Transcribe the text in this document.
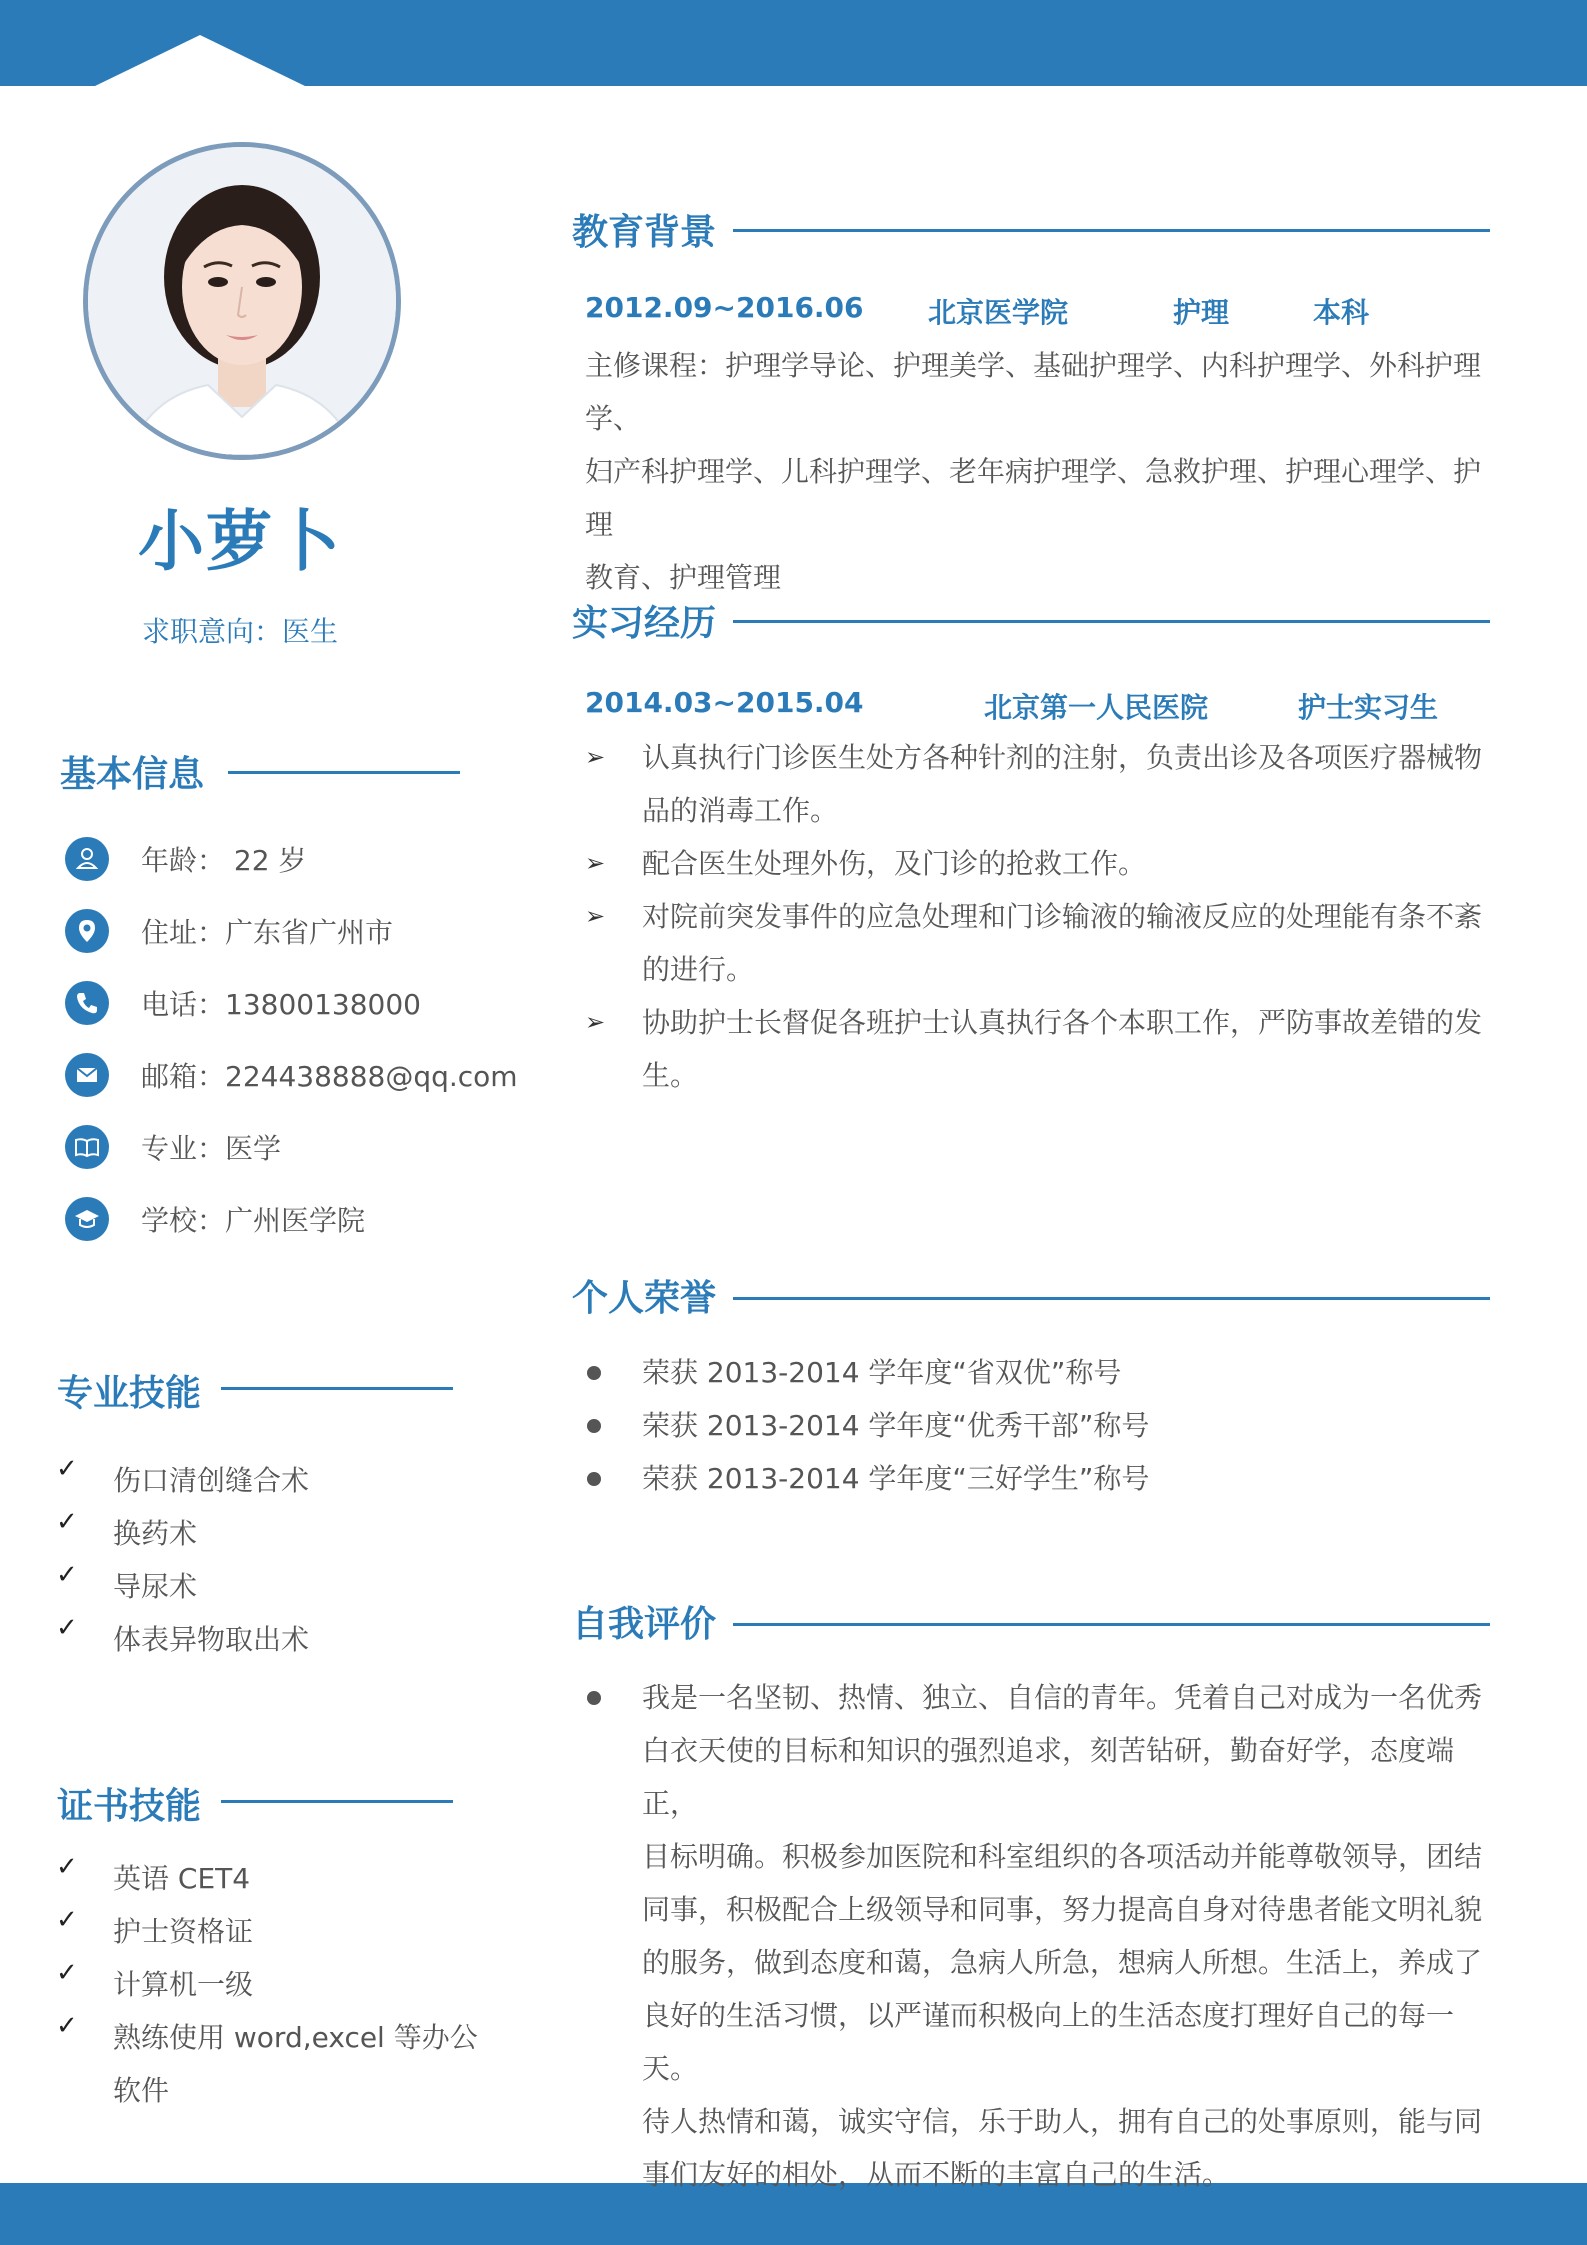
小萝卜
求职意向：医生
基本信息
年龄： 22 岁
住址：广东省广州市
电话：13800138000
邮箱：224438888@qq.com
专业：医学
学校：广州医学院
专业技能
✓ 伤口清创缝合术
✓ 换药术
✓ 导尿术
✓ 体表异物取出术
证书技能
✓ 英语 CET4
✓ 护士资格证
✓ 计算机一级
✓ 熟练使用 word,excel 等办公
软件
教育背景
2012.09~2016.06 北京医学院	护理	本科
主修课程：护理学导论、护理美学、基础护理学、内科护理学、外科护理学、
妇产科护理学、儿科护理学、老年病护理学、急救护理、护理心理学、护理
教育、护理管理
实习经历
2014.03~2015.04	北京第一人民医院	护士实习生
➢ 认真执行门诊医生处方各种针剂的注射，负责出诊及各项医疗器械物
品的消毒工作。
➢ 配合医生处理外伤，及门诊的抢救工作。
➢ 对院前突发事件的应急处理和门诊输液的输液反应的处理能有条不紊
的进行。
➢ 协助护士长督促各班护士认真执行各个本职工作，严防事故差错的发
生。
个人荣誉
荣获 2013-2014 学年度“省双优”称号
荣获 2013-2014 学年度“优秀干部”称号
荣获 2013-2014 学年度“三好学生”称号
自我评价
我是一名坚韧、热情、独立、自信的青年。凭着自己对成为一名优秀
白衣天使的目标和知识的强烈追求，刻苦钻研，勤奋好学，态度端正，
目标明确。积极参加医院和科室组织的各项活动并能尊敬领导，团结
同事，积极配合上级领导和同事，努力提高自身对待患者能文明礼貌
的服务，做到态度和蔼，急病人所急，想病人所想。生活上，养成了
良好的生活习惯，以严谨而积极向上的生活态度打理好自己的每一天。
待人热情和蔼，诚实守信，乐于助人，拥有自己的处事原则，能与同
事们友好的相处，从而不断的丰富自己的生活。
